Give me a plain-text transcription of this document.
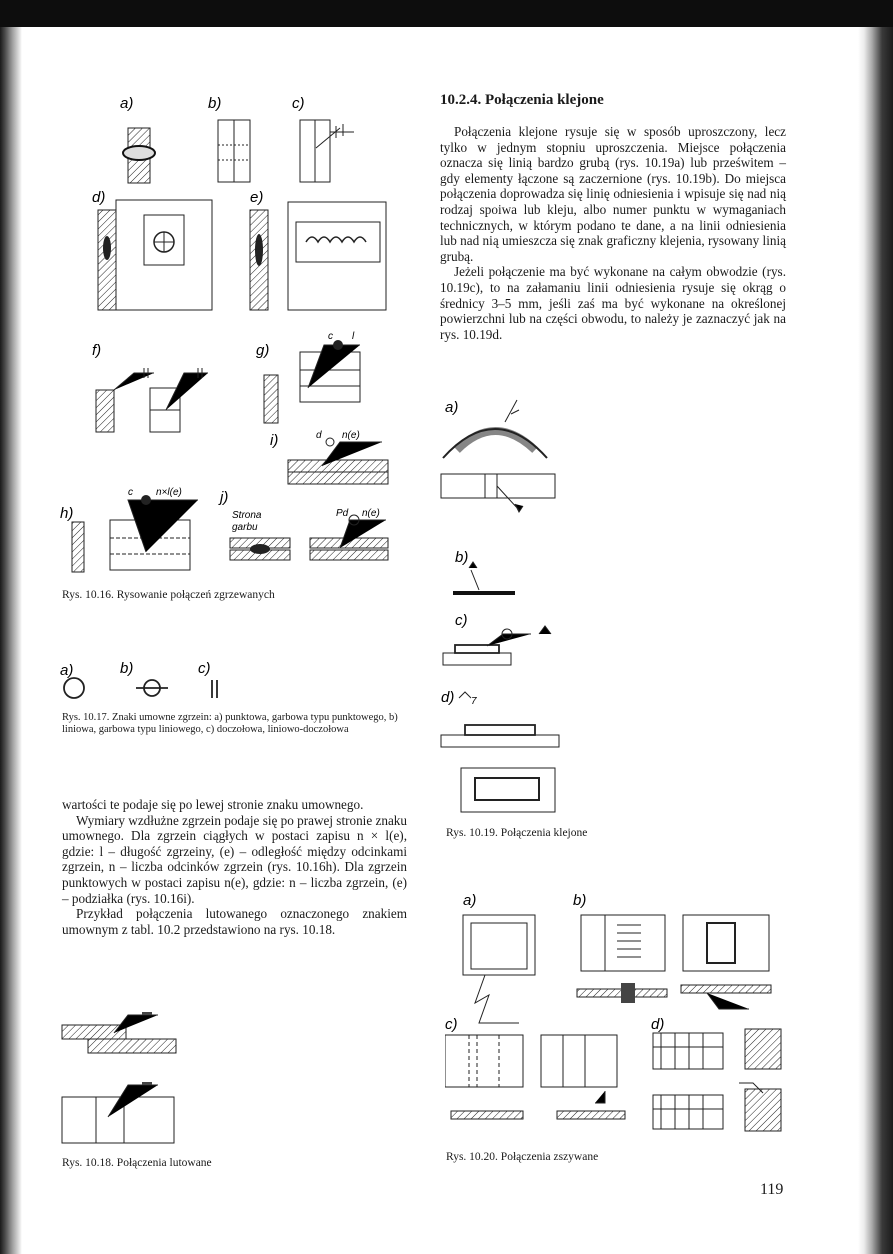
a)	b)	c)
d)	e)
f)	g)
c l
i)	d n(e)
h)
c n×l(e)	j)
Strona
garbu
Pd n(e)
Rys. 10.16. Rysowanie połączeń zgrzewanych
a)	b)	c)
Rys. 10.17. Znaki umowne zgrzein: a) punktowa, garbowa typu punktowego, b) liniowa, garbowa typu liniowego, c) doczołowa, liniowo-doczołowa

wartości te podaje się po lewej stronie znaku umownego.

Wymiary wzdłużne zgrzein podaje się po prawej stronie znaku umownego. Dla zgrzein ciągłych w postaci zapisu n × l(e), gdzie: l – długość zgrzeiny, (e) – odległość między odcinkami zgrzein, n – liczba odcinków zgrzein (rys. 10.16h). Dla zgrzein punktowych w postaci zapisu n(e), gdzie: n – liczba zgrzein, (e) – podziałka (rys. 10.16i).

Przykład połączenia lutowanego oznaczonego znakiem umownym z tabl. 10.2 przedstawiono na rys. 10.18.

Rys. 10.18. Połączenia lutowane
10.2.4. Połączenia klejone

Połączenia klejone rysuje się w sposób uproszczony, lecz tylko w jednym stopniu uproszczenia. Miejsce połączenia oznacza się linią bardzo grubą (rys. 10.19a) lub prześwitem – gdy elementy łączone są zaczernione (rys. 10.19b). Do miejsca połączenia doprowadza się linię odniesienia i wpisuje się nad nią rodzaj spoiwa lub kleju, albo numer punktu w wymaganiach technicznych, w którym podano te dane, a na linii odniesienia lub nad nią umieszcza się znak graficzny klejenia, rysowany linią grubą.

Jeżeli połączenie ma być wykonane na całym obwodzie (rys. 10.19c), to na załamaniu linii odniesienia rysuje się okrąg o średnicy 3–5 mm, jeśli zaś ma być wykonane na określonej powierzchni lub na części obwodu, to należy je zaznaczyć jak na rys. 10.19d.

a)
b)
c)
d) 7
Rys. 10.19. Połączenia klejone
a)	b)
c)	d)
Rys. 10.20. Połączenia zszywane
119
